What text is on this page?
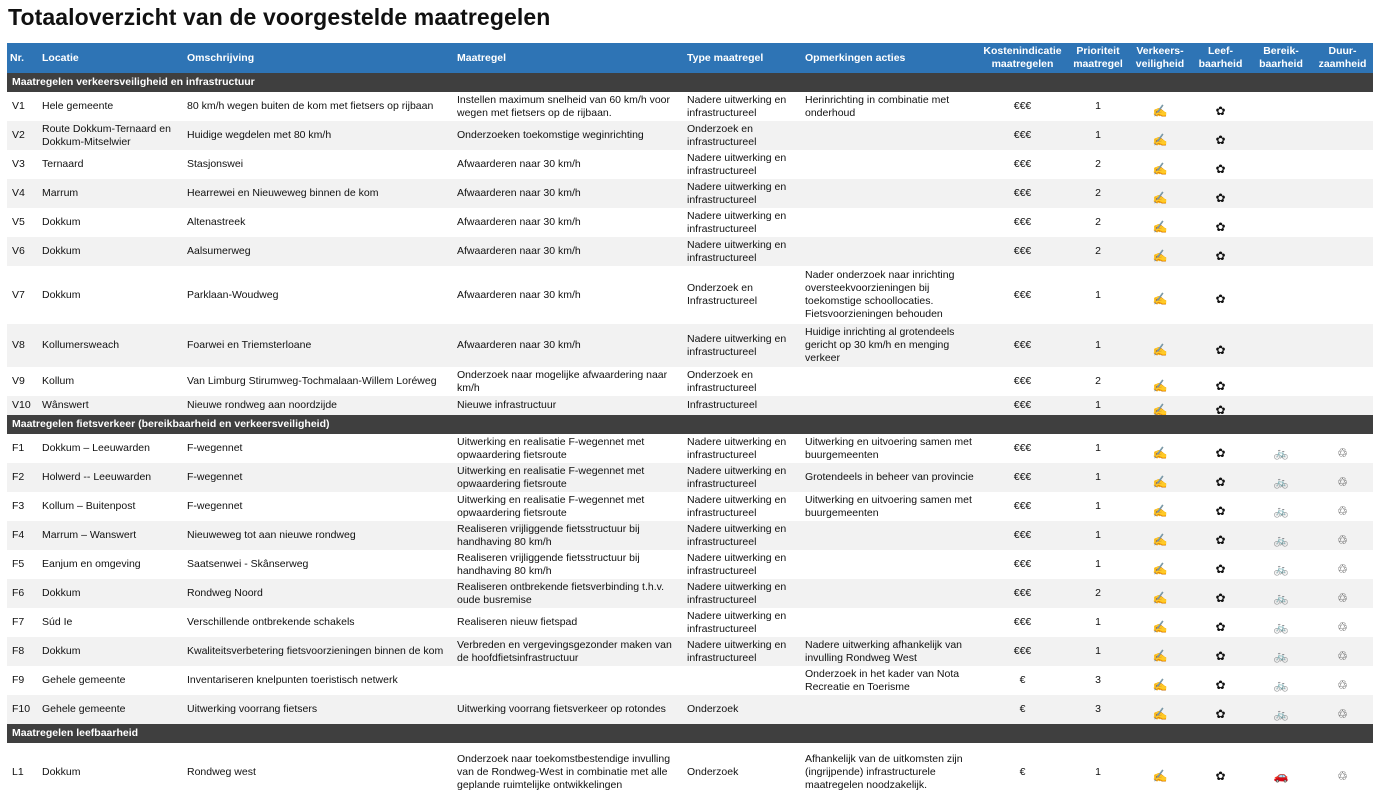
Totaaloverzicht van de voorgestelde maatregelen
Nr.	Locatie	Omschrijving	Maatregel	Type maatregel	Opmerkingen acties	Kostenindicatie maatregelen	Prioriteit maatregel	Verkeers-veiligheid	Leef-baarheid	Bereik-baarheid	Duur-zaamheid
Maatregelen verkeersveiligheid en infrastructuur											
V1	Hele gemeente	80 km/h wegen buiten de kom met fietsers op rijbaan	Instellen maximum snelheid van 60 km/h voor wegen met fietsers op de rijbaan.	Nadere uitwerking en infrastructureel	Herinrichting in combinatie met onderhoud	€€€	1	✍	✿		
V2	Route Dokkum-Ternaard en Dokkum-Mitselwier	Huidige wegdelen met 80 km/h	Onderzoeken toekomstige weginrichting	Onderzoek en infrastructureel		€€€	1	✍	✿		
V3	Ternaard	Stasjonswei	Afwaarderen naar 30 km/h	Nadere uitwerking en infrastructureel		€€€	2	✍	✿		
V4	Marrum	Hearrewei en Nieuweweg binnen de kom	Afwaarderen naar 30 km/h	Nadere uitwerking en infrastructureel		€€€	2	✍	✿		
V5	Dokkum	Altenastreek	Afwaarderen naar 30 km/h	Nadere uitwerking en infrastructureel		€€€	2	✍	✿		
V6	Dokkum	Aalsumerweg	Afwaarderen naar 30 km/h	Nadere uitwerking en infrastructureel		€€€	2	✍	✿		
V7	Dokkum	Parklaan-Woudweg	Afwaarderen naar 30 km/h	Onderzoek en Infrastructureel	Nader onderzoek naar inrichting oversteekvoorzieningen bij toekomstige schoollocaties. Fietsvoorzieningen behouden	€€€	1	✍	✿		
V8	Kollumersweach	Foarwei en Triemsterloane	Afwaarderen naar 30 km/h	Nadere uitwerking en infrastructureel	Huidige inrichting al grotendeels gericht op 30 km/h en menging verkeer	€€€	1	✍	✿		
V9	Kollum	Van Limburg Stirumweg-Tochmalaan-Willem Loréweg	Onderzoek naar mogelijke afwaardering naar km/h	Onderzoek en infrastructureel		€€€	2	✍	✿		
V10	Wânswert	Nieuwe rondweg aan noordzijde	Nieuwe infrastructuur	Infrastructureel		€€€	1	✍	✿		
Maatregelen fietsverkeer (bereikbaarheid en verkeersveiligheid)											
F1	Dokkum – Leeuwarden	F-wegennet	Uitwerking en realisatie F-wegennet met opwaardering fietsroute	Nadere uitwerking en infrastructureel	Uitwerking en uitvoering samen met buurgemeenten	€€€	1	✍	✿	🚲	♲
F2	Holwerd -- Leeuwarden	F-wegennet	Uitwerking en realisatie F-wegennet met opwaardering fietsroute	Nadere uitwerking en infrastructureel	Grotendeels in beheer van provincie	€€€	1	✍	✿	🚲	♲
F3	Kollum – Buitenpost	F-wegennet	Uitwerking en realisatie F-wegennet met opwaardering fietsroute	Nadere uitwerking en infrastructureel	Uitwerking en uitvoering samen met buurgemeenten	€€€	1	✍	✿	🚲	♲
F4	Marrum – Wanswert	Nieuweweg tot aan nieuwe rondweg	Realiseren vrijliggende fietsstructuur bij handhaving 80 km/h	Nadere uitwerking en infrastructureel		€€€	1	✍	✿	🚲	♲
F5	Eanjum en omgeving	Saatsenwei - Skânserweg	Realiseren vrijliggende fietsstructuur bij handhaving 80 km/h	Nadere uitwerking en infrastructureel		€€€	1	✍	✿	🚲	♲
F6	Dokkum	Rondweg Noord	Realiseren ontbrekende fietsverbinding t.h.v. oude busremise	Nadere uitwerking en infrastructureel		€€€	2	✍	✿	🚲	♲
F7	Súd Ie	Verschillende ontbrekende schakels	Realiseren nieuw fietspad	Nadere uitwerking en infrastructureel		€€€	1	✍	✿	🚲	♲
F8	Dokkum	Kwaliteitsverbetering fietsvoorzieningen binnen de kom	Verbreden en vergevingsgezonder maken van de hoofdfietsinfrastructuur	Nadere uitwerking en infrastructureel	Nadere uitwerking afhankelijk van invulling Rondweg West	€€€	1	✍	✿	🚲	♲
F9	Gehele gemeente	Inventariseren knelpunten toeristisch netwerk			Onderzoek in het kader van Nota Recreatie en Toerisme	€	3	✍	✿	🚲	♲
F10	Gehele gemeente	Uitwerking voorrang fietsers	Uitwerking voorrang fietsverkeer op rotondes	Onderzoek		€	3	✍	✿	🚲	♲
Maatregelen leefbaarheid											
L1	Dokkum	Rondweg west	Onderzoek naar toekomstbestendige invulling van de Rondweg-West in combinatie met alle geplande ruimtelijke ontwikkelingen	Onderzoek	Afhankelijk van de uitkomsten zijn (ingrijpende) infrastructurele maatregelen noodzakelijk.	€	1	✍	✿	🚗	♲
